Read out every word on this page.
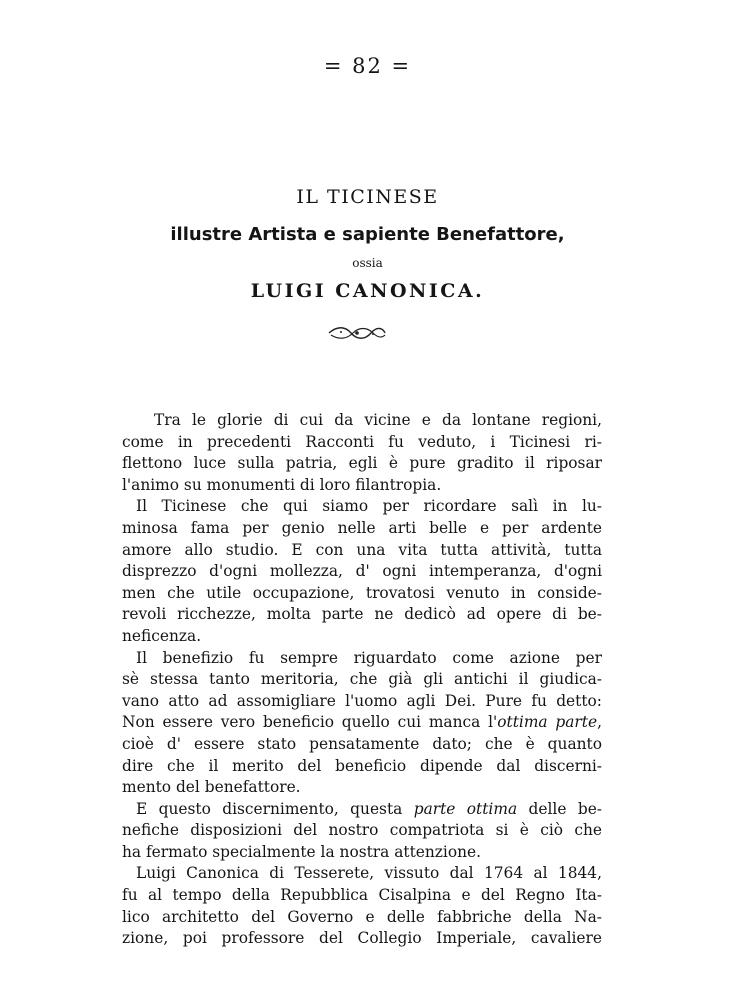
= 82 =
IL TICINESE
illustre Artista e sapiente Benefattore,
ossia
LUIGI CANONICA.
Tra le glorie di cui da vicine e da lontane regioni,
come in precedenti Racconti fu veduto, i Ticinesi ri-
flettono luce sulla patria, egli è pure gradito il riposar
l'animo su monumenti di loro filantropia.
Il Ticinese che qui siamo per ricordare salì in lu-
minosa fama per genio nelle arti belle e per ardente
amore allo studio. E con una vita tutta attività, tutta
disprezzo d'ogni mollezza, d' ogni intemperanza, d'ogni
men che utile occupazione, trovatosi venuto in conside-
revoli ricchezze, molta parte ne dedicò ad opere di be-
neficenza.
Il benefizio fu sempre riguardato come azione per
sè stessa tanto meritoria, che già gli antichi il giudica-
vano atto ad assomigliare l'uomo agli Dei. Pure fu detto:
Non essere vero beneficio quello cui manca l'ottima parte,
cioè d' essere stato pensatamente dato; che è quanto
dire che il merito del beneficio dipende dal discerni-
mento del benefattore.
E questo discernimento, questa parte ottima delle be-
nefiche disposizioni del nostro compatriota si è ciò che
ha fermato specialmente la nostra attenzione.
Luigi Canonica di Tesserete, vissuto dal 1764 al 1844,
fu al tempo della Repubblica Cisalpina e del Regno Ita-
lico architetto del Governo e delle fabbriche della Na-
zione, poi professore del Collegio Imperiale, cavaliere
